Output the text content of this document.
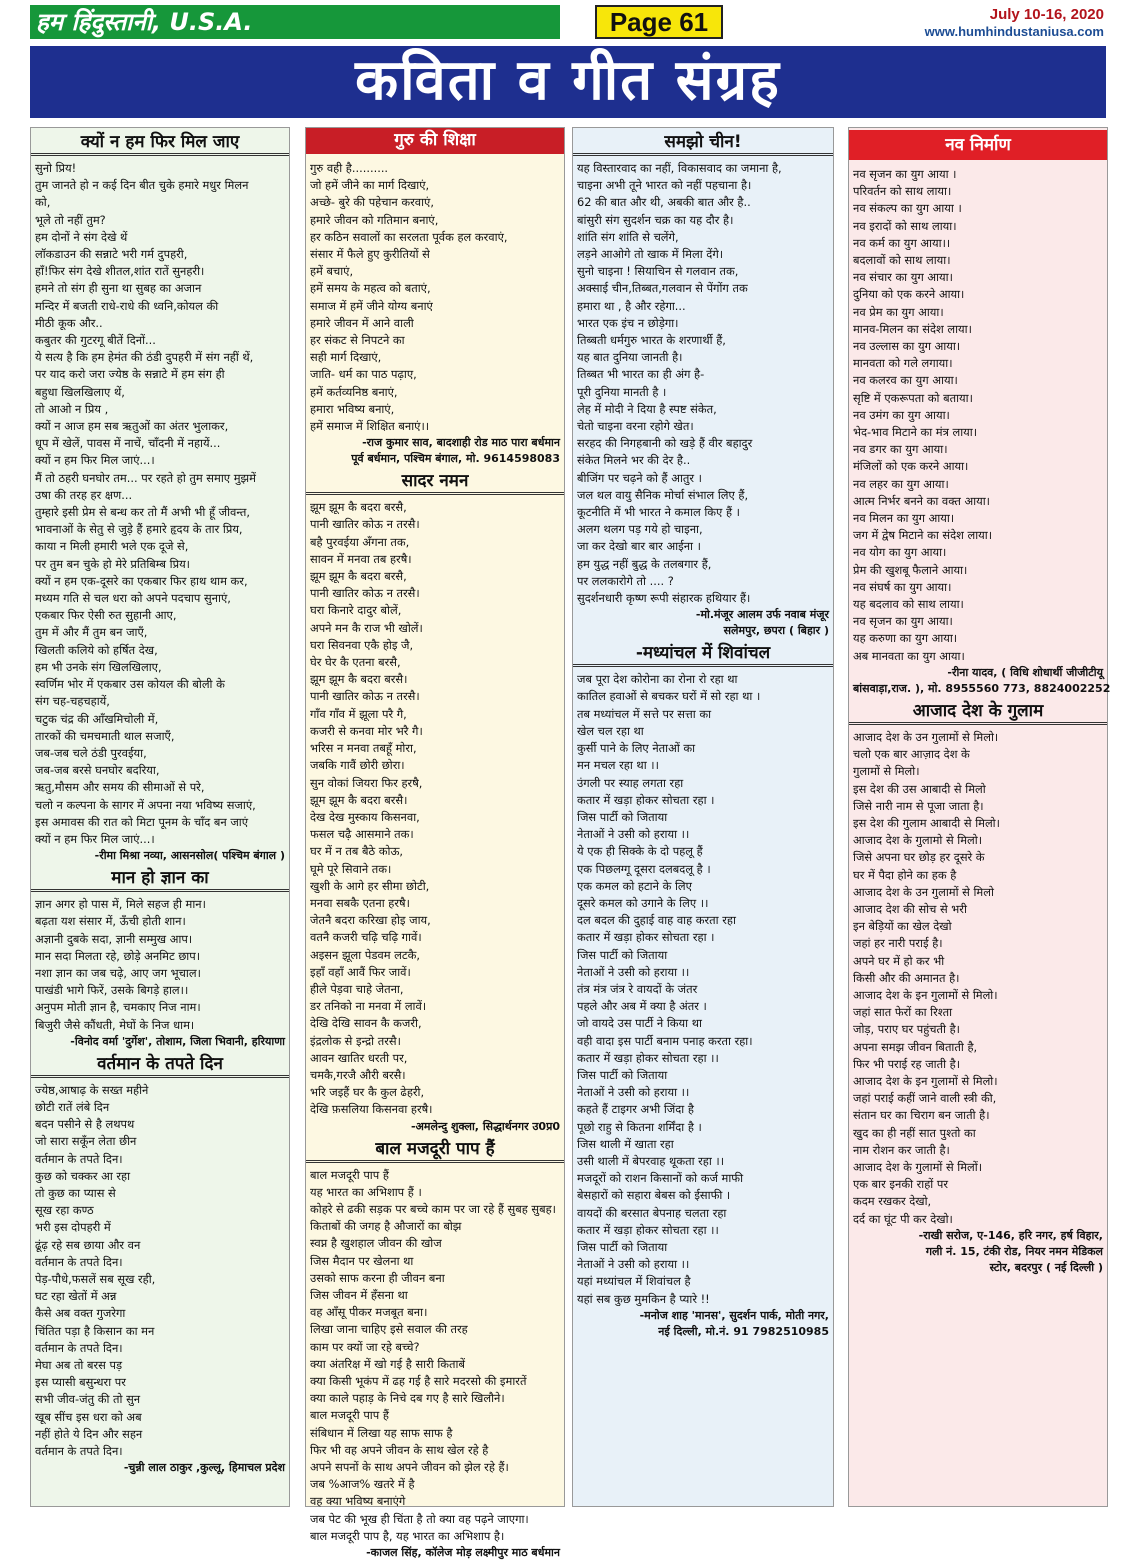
हम हिंदुस्तानी, U.S.A.	Page 61	July 10-16, 2020
www.humhindustaniusa.com
कविता व गीत संग्रह
क्यों न हम फिर मिल जाए
सुनो प्रिय!
तुम जानते हो न कई दिन बीत चुके हमारे मधुर मिलन
को,
भूले तो नहीं तुम?
हम दोनों ने संग देखे थें
लॉकडाउन की सन्नाटे भरी गर्म दुपहरी,
हाँ!फिर संग देखे शीतल,शांत रातें सुनहरी।
हमने तो संग ही सुना था सुबह का अजान
मन्दिर में बजती राधे-राधे की ध्वनि,कोयल की
मीठी कूक और..
कबुतर की गुटरगू बीतें दिनों...
ये सत्य है कि हम हेमंत की ठंडी दुपहरी में संग नहीं थें,
पर याद करो जरा ज्येष्ठ के सन्नाटे में हम संग ही
बहुधा खिलखिलाए थें,
तो आओ न प्रिय ,
क्यों न आज हम सब ऋतुओं का अंतर भुलाकर,
धूप में खेलें, पावस में नाचें, चाँदनी में नहायें...
क्यों न हम फिर मिल जाएं...।
मैं तो ठहरी घनघोर तम... पर रहते हो तुम समाए मुझमें
उषा की तरह हर क्षण...
तुम्हारे इसी प्रेम से बन्ध कर तो मैं अभी भी हूँ जीवन्त,
भावनाओं के सेतु से जुड़े हैं हमारे हृदय के तार प्रिय,
काया न मिली हमारी भले एक दूजे से,
पर तुम बन चुके हो मेरे प्रतिबिम्ब प्रिय।
क्यों न हम एक-दूसरे का एकबार फिर हाथ थाम कर,
मध्यम गति से चल धरा को अपने पदचाप सुनाएं,
एकबार फिर ऐसी रुत सुहानी आए,
तुम में और मैं तुम बन जाएँ,
खिलती कलिये को हर्षित देख,
हम भी उनके संग खिलखिलाए,
स्वर्णिम भोर में एकबार उस कोयल की बोली के
संग चह-चहचहायें,
चटुक चंद्र की आँखमिचोली में,
तारकों की चमचमाती थाल सजाएँ,
जब-जब चले ठंडी पुरवईया,
जब-जब बरसे घनघोर बदरिया,
ऋतु,मौसम और समय की सीमाओं से परे,
चलो न कल्पना के सागर में अपना नया भविष्य सजाएं,
इस अमावस की रात को मिटा पूनम के चाँद बन जाएं
क्यों न हम फिर मिल जाएं...।
-रीमा मिश्रा नव्या, आसनसोल( पश्चिम बंगाल )
मान हो ज्ञान का
ज्ञान अगर हो पास में, मिले सहज ही मान।
बढ़ता यश संसार में, ऊँची होती शान।
अज्ञानी दुबके सदा, ज्ञानी सम्मुख आप।
मान सदा मिलता रहे, छोड़े अनमिट छाप।
नशा ज्ञान का जब चढ़े, आए जग भूचाल।
पाखंडी भागे फिरें, उसके बिगड़े हाल।।
अनुपम मोती ज्ञान है, चमकाए निज नाम।
बिजुरी जैसे कौंधती, मेघों के निज धाम।
-विनोद वर्मा 'दुर्गेश', तोशाम, जिला भिवानी, हरियाणा
वर्तमान के तपते दिन
ज्येष्ठ,आषाढ़ के सख्त महीने
छोटी रातें लंबे दिन
बदन पसीने से है लथपथ
जो सारा सकूँन लेता छीन
वर्तमान के तपते दिन।
कुछ को चक्कर आ रहा
तो कुछ का प्यास से
सूख रहा कण्ठ
भरी इस दोपहरी में
ढूंढ़ रहे सब छाया और वन
वर्तमान के तपते दिन।
पेड़-पौधे,फसलें सब सूख रही,
घट रहा खेतों में अन्न
कैसे अब वक्त गुजरेगा
चिंतित पड़ा है किसान का मन
वर्तमान के तपते दिन।
मेघा अब तो बरस पड़
इस प्यासी बसुन्धरा पर
सभी जीव-जंतु की तो सुन
खूब सींच इस धरा को अब
नहीं होते ये दिन और सहन
वर्तमान के तपते दिन।
-चुन्नी लाल ठाकुर ,कुल्लू, हिमाचल प्रदेश
गुरु की शिक्षा
गुरु वही है..........
जो हमें जीने का मार्ग दिखाएं,
अच्छे- बुरे की पहेचान करवाएं,
हमारे जीवन को गतिमान बनाएं,
हर कठिन सवालों का सरलता पूर्वक हल करवाएं,
संसार में फैले हुए कुरीतियों से
हमें बचाएं,
हमें समय के महत्व को बताएं,
समाज में हमें जीने योग्य बनाएं
हमारे जीवन में आने वाली
हर संकट से निपटने का
सही मार्ग दिखाएं,
जाति- धर्म का पाठ पढ़ाए,
हमें कर्तव्यनिष्ठ बनाएं,
हमारा भविष्य बनाएं,
हमें समाज में शिक्षित बनाएं।।
-राज कुमार साव, बादशाही रोड माठ पारा बर्धमान
पूर्व बर्धमान, पश्चिम बंगाल, मो. 9614598083
सादर नमन
झूम झूम कै बदरा बरसै,
पानी खातिर कोऊ न तरसै।
बहै पुरवईया अँगना तक,
सावन में मनवा तब हरषै।
झूम झूम कै बदरा बरसै,
पानी खातिर कोऊ न तरसै।
घरा किनारे दादुर बोलें,
अपने मन कै राज भी खोलें।
घरा सिवनवा एकै होइ जै,
घेर घेर कै एतना बरसै,
झूम झूम कै बदरा बरसै।
पानी खातिर कोऊ न तरसै।
गाँव गाँव में झूला परै गै,
कजरी से कनवा मोर भरै गै।
भरिस न मनवा तबहूँ मोरा,
जबकि गावैं छोरी छोरा।
सुन वोकां जियरा फिर हरषै,
झूम झूम कै बदरा बरसै।
देख देख मुस्काय किसनवा,
फसल चढ़ै आसमाने तक।
घर में न तब बैठे कोऊ,
घूमे पूरे सिवाने तक।
खुशी के आगे हर सीमा छोटी,
मनवा सबकै एतना हरषै।
जेतनै बदरा करिखा होइ जाय,
वतनै कजरी चढ़ि चढ़ि गावें।
अइसन झूला पेडवम लटकै,
इहाँ वहाँ आवैं फिर जावें।
हीले पेड़वा चाहे जेतना,
डर तनिको ना मनवा में लावें।
देखि देखि सावन कै कजरी,
इंद्रलोक से इन्द्रो तरसै।
आवन खातिर धरती पर,
चमकै,गरजै औरी बरसै।
भरि जइहैं घर कै कुल ढेहरी,
देखि फ़सलिया किसनवा हरषै।
-अमलेन्दु शुक्ला, सिद्धार्थनगर उ0प्र0
बाल मजदूरी पाप हैं
बाल मजदूरी पाप हैं
यह भारत का अभिशाप हैं ।
कोहरे से ढकी सड़क पर बच्चे काम पर जा रहे हैं सुबह सुबह।
किताबों की जगह है औजारों का बोझ
स्वप्न है खुशहाल जीवन की खोज
जिस मैदान पर खेलना था
उसको साफ करना ही जीवन बना
जिस जीवन में हँसना था
वह आँसू पीकर मजबूत बना।
लिखा जाना चाहिए इसे सवाल की तरह
काम पर क्यों जा रहे बच्चे?
क्या अंतरिक्ष में खो गई है सारी किताबें
क्या किसी भूकंप में ढह गई है सारे मदरसो की इमारतें
क्या काले पहाड़ के निचे दब गए है सारे खिलौने।
बाल मजदूरी पाप हैं
संबिधान में लिखा यह साफ साफ है
फिर भी वह अपने जीवन के साथ खेल रहे है
अपने सपनों के साथ अपने जीवन को झेल रहे हैं।
जब %आज% खतरे में है
वह क्या भविष्य बनाएंगे
जब पेट की भूख ही चिंता है तो क्या वह पढ़ने जाएगा।
बाल मजदूरी पाप है, यह भारत का अभिशाप है।
-काजल सिंह, कॉलेज मोड़ लक्ष्मीपुर माठ बर्धमान
समझो चीन!
यह विस्तारवाद का नहीं, विकासवाद का जमाना है,
चाइना अभी तूने भारत को नहीं पहचाना है।
62 की बात और थी, अबकी बात और है..
बांसुरी संग सुदर्शन चक्र का यह दौर है।
शांति संग शांति से चलेंगे,
लड़ने आओगे तो खाक में मिला देंगे।
सुनो चाइना ! सियाचिन से गलवान तक,
अक्साई चीन,तिब्बत,गलवान से पेंगोंग तक
हमारा था , है और रहेगा...
भारत एक इंच न छोड़ेगा।
तिब्बती धर्मगुरु भारत के शरणार्थी हैं,
यह बात दुनिया जानती है।
तिब्बत भी भारत का ही अंग है-
पूरी दुनिया मानती है ।
लेह में मोदी ने दिया है स्पष्ट संकेत,
चेतो चाइना वरना रहोगे खेत।
सरहद की निगहबानी को खड़े हैं वीर बहादुर
संकेत मिलने भर की देर है..
बीजिंग पर चढ़ने को हैं आतुर ।
जल थल वायु सैनिक मोर्चा संभाल लिए हैं,
कूटनीति में भी भारत ने कमाल किए हैं ।
अलग थलग पड़ गये हो चाइना,
जा कर देखो बार बार आईना ।
हम युद्ध नहीं बुद्ध के तलबगार हैं,
पर ललकारोगे तो .... ?
सुदर्शनधारी कृष्ण रूपी संहारक हथियार हैं।
-मो.मंजूर आलम उर्फ नवाब मंजूर
सलेमपुर, छपरा ( बिहार )
-मध्यांचल में शिवांचल
जब पूरा देश कोरोना का रोना रो रहा था
कातिल हवाओं से बचकर घरों में सो रहा था ।
तब मध्यांचल में सत्ते पर सत्ता का
खेल चल रहा था
कुर्सी पाने के लिए नेताओं का
मन मचल रहा था ।।
उंगली पर स्याह लगता रहा
कतार में खड़ा होकर सोचता रहा ।
जिस पार्टी को जिताया
नेताओं ने उसी को हराया ।।
ये एक ही सिक्के के दो पहलू हैं
एक पिछलग्गू दूसरा दलबदलू है ।
एक कमल को हटाने के लिए
दूसरे कमल को उगाने के लिए ।।
दल बदल की दुहाई वाह वाह करता रहा
कतार में खड़ा होकर सोचता रहा ।
जिस पार्टी को जिताया
नेताओं ने उसी को हराया ।।
तंत्र मंत्र जंत्र रे वायदों के जंतर
पहले और अब में क्या है अंतर ।
जो वायदे उस पार्टी ने किया था
वही वादा इस पार्टी बनाम पनाह करता रहा।
कतार में खड़ा होकर सोचता रहा ।।
जिस पार्टी को जिताया
नेताओं ने उसी को हराया ।।
कहते हैं टाइगर अभी जिंदा है
पूछो राहु से कितना शर्मिंदा है ।
जिस थाली में खाता रहा
उसी थाली में बेपरवाह थूकता रहा ।।
मजदूरों को राशन किसानों को कर्ज माफी
बेसहारों को सहारा बेबस को ईसाफी ।
वायदों की बरसात बेपनाह चलता रहा
कतार में खड़ा होकर सोचता रहा ।।
जिस पार्टी को जिताया
नेताओं ने उसी को हराया ।।
यहां मध्यांचल में शिवांचल है
यहां सब कुछ मुमकिन है प्यारे !!
-मनोज शाह 'मानस', सुदर्शन पार्क, मोती नगर,
नई दिल्ली, मो.नं. 91 7982510985
नव निर्माण
नव सृजन का युग आया ।
परिवर्तन को साथ लाया।
नव संकल्प का युग आया ।
नव इरादों को साथ लाया।
नव कर्म का युग आया।।
बदलावों को साथ लाया।
नव संचार का युग आया।
दुनिया को एक करने आया।
नव प्रेम का युग आया।
मानव-मिलन का संदेश लाया।
नव उल्लास का युग आया।
मानवता को गले लगाया।
नव कलरव का युग आया।
सृष्टि में एकरूपता को बताया।
नव उमंग का युग आया।
भेद-भाव मिटाने का मंत्र लाया।
नव डगर का युग आया।
मंजिलों को एक करने आया।
नव लहर का युग आया।
आत्म निर्भर बनने का वक्त आया।
नव मिलन का युग आया।
जग में द्वेष मिटाने का संदेश लाया।
नव योग का युग आया।
प्रेम की खुशबू फैलाने आया।
नव संघर्ष का युग आया।
यह बदलाव को साथ लाया।
नव सृजन का युग आया।
यह करुणा का युग आया।
अब मानवता का युग आया।
-रीना यादव, ( विधि शोधार्थी जीजीटीयू
बांसवाड़ा,राज. ), मो. 8955560 773, 8824002252
आजाद देश के गुलाम
आजाद देश के उन गुलामों से मिलो।
चलो एक बार आज़ाद देश के
गुलामों से मिलो।
इस देश की उस आबादी से मिलो
जिसे नारी नाम से पूजा जाता है।
इस देश की गुलाम आबादी से मिलो।
आजाद देश के गुलामो से मिलो।
जिसे अपना घर छोड़ हर दूसरे के
घर में पैदा होने का हक है
आजाद देश के उन गुलामों से मिलो
आजाद देश की सोच से भरी
इन बेड़ियों का खेल देखो
जहां हर नारी पराई है।
अपने घर में हो कर भी
किसी और की अमानत है।
आजाद देश के इन गुलामों से मिलो।
जहां सात फेरों का रिश्ता
जोड़, पराए घर पहुंचती है।
अपना समझ जीवन बिताती है,
फिर भी पराई रह जाती है।
आजाद देश के इन गुलामों से मिलो।
जहां पराई कहीं जाने वाली स्त्री की,
संतान घर का चिराग बन जाती है।
खुद का ही नहीं सात पुश्तो का
नाम रोशन कर जाती है।
आजाद देश के गुलामों से मिलों।
एक बार इनकी राहों पर
कदम रखकर देखो,
दर्द का घूंट पी कर देखो।
-राखी सरोज, ए-146, हरि नगर, हर्ष विहार,
गली नं. 15, टंकी रोड, नियर नमन मेडिकल
स्टोर, बदरपुर ( नई दिल्ली )
